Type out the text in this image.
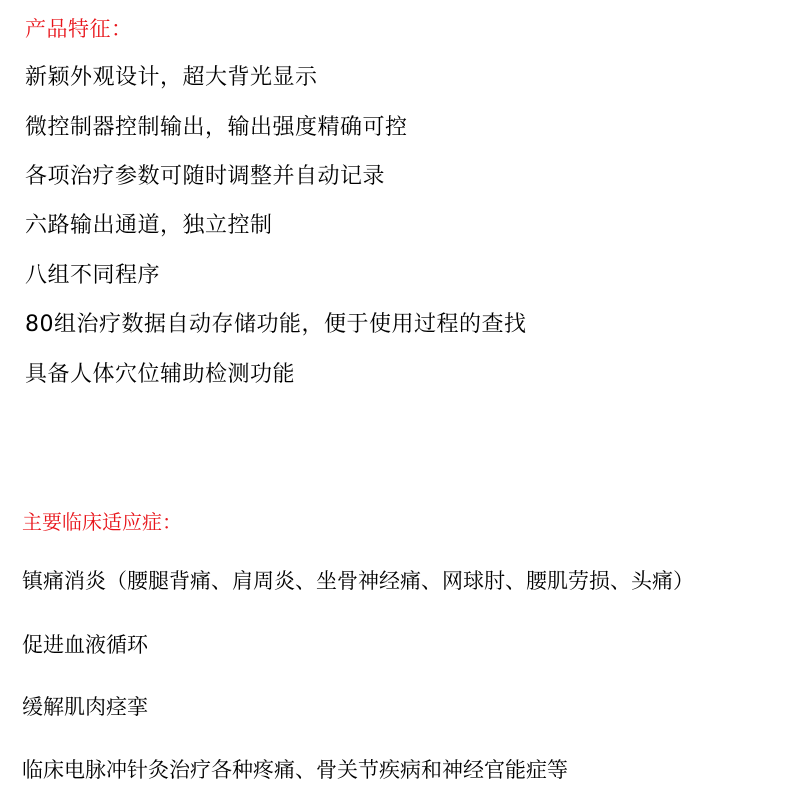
产品特征：
新颖外观设计，超大背光显示
微控制器控制输出，输出强度精确可控
各项治疗参数可随时调整并自动记录
六路输出通道，独立控制
八组不同程序
80组治疗数据自动存储功能，便于使用过程的查找
具备人体穴位辅助检测功能
主要临床适应症：
镇痛消炎（腰腿背痛、肩周炎、坐骨神经痛、网球肘、腰肌劳损、头痛）
促进血液循环
缓解肌肉痉挛
临床电脉冲针灸治疗各种疼痛、骨关节疾病和神经官能症等
